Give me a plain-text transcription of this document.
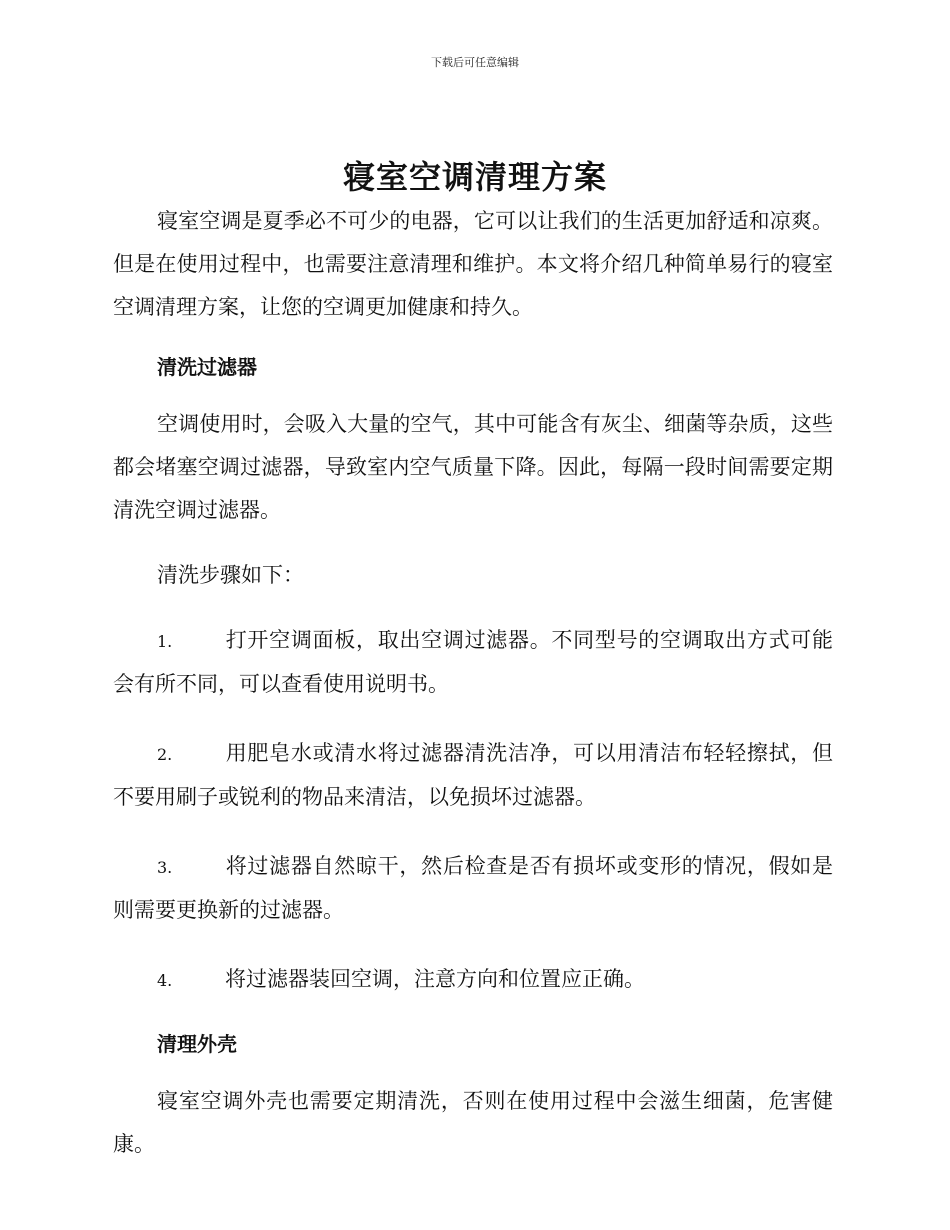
下载后可任意编辑
寝室空调清理方案

寝室空调是夏季必不可少的电器，它可以让我们的生活更加舒适和凉爽。但是在使用过程中，也需要注意清理和维护。本文将介绍几种简单易行的寝室空调清理方案，让您的空调更加健康和持久。

清洗过滤器

空调使用时，会吸入大量的空气，其中可能含有灰尘、细菌等杂质，这些都会堵塞空调过滤器，导致室内空气质量下降。因此，每隔一段时间需要定期清洗空调过滤器。

清洗步骤如下：

1.	打开空调面板，取出空调过滤器。不同型号的空调取出方式可能会有所不同，可以查看使用说明书。

2.	用肥皂水或清水将过滤器清洗洁净，可以用清洁布轻轻擦拭，但不要用刷子或锐利的物品来清洁，以免损坏过滤器。

3.	将过滤器自然晾干，然后检查是否有损坏或变形的情况，假如是则需要更换新的过滤器。

4.	将过滤器装回空调，注意方向和位置应正确。

清理外壳

寝室空调外壳也需要定期清洗，否则在使用过程中会滋生细菌，危害健康。
